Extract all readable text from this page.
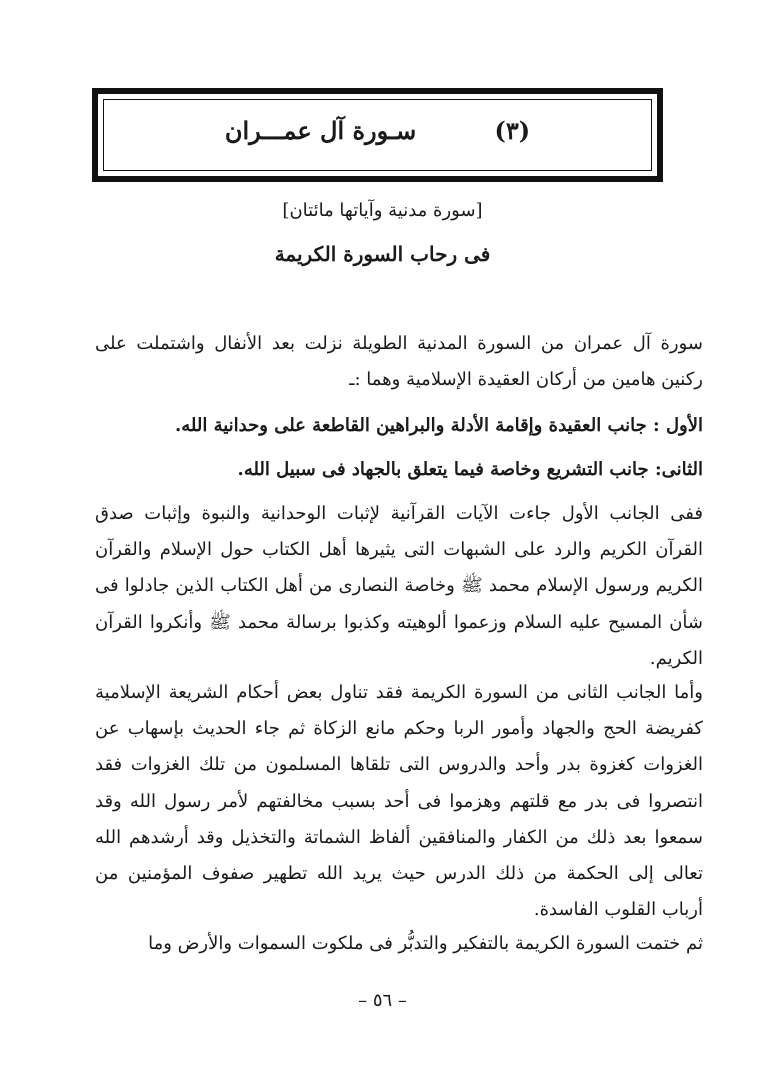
(٣) سـورة آل عمـــران
[سورة مدنية وآياتها مائتان]
فى رحاب السورة الكريمة
سورة آل عمران من السورة المدنية الطويلة نزلت بعد الأنفال واشتملت على ركنين هامين من أركان العقيدة الإسلامية وهما :ـ
الأول : جانب العقيدة وإقامة الأدلة والبراهين القاطعة على وحدانية الله.
الثانى: جانب التشريع وخاصة فيما يتعلق بالجهاد فى سبيل الله.
ففى الجانب الأول جاءت الآيات القرآنية لإثبات الوحدانية والنبوة وإثبات صدق القرآن الكريم والرد على الشبهات التى يثيرها أهل الكتاب حول الإسلام والقرآن الكريم ورسول الإسلام محمد ﷺ وخاصة النصارى من أهل الكتاب الذين جادلوا فى شأن المسيح عليه السلام وزعموا ألوهيته وكذبوا برسالة محمد ﷺ وأنكروا القرآن الكريم.
وأما الجانب الثانى من السورة الكريمة فقد تناول بعض أحكام الشريعة الإسلامية كفريضة الحج والجهاد وأمور الربا وحكم مانع الزكاة ثم جاء الحديث بإسهاب عن الغزوات كغزوة بدر وأحد والدروس التى تلقاها المسلمون من تلك الغزوات فقد انتصروا فى بدر مع قلتهم وهزموا فى أحد بسبب مخالفتهم لأمر رسول الله وقد سمعوا بعد ذلك من الكفار والمنافقين ألفاظ الشماتة والتخذيل وقد أرشدهم الله تعالى إلى الحكمة من ذلك الدرس حيث يريد الله تطهير صفوف المؤمنين من أرباب القلوب الفاسدة.
ثم ختمت السورة الكريمة بالتفكير والتدبُّر فى ملكوت السموات والأرض وما
– ٥٦ –
